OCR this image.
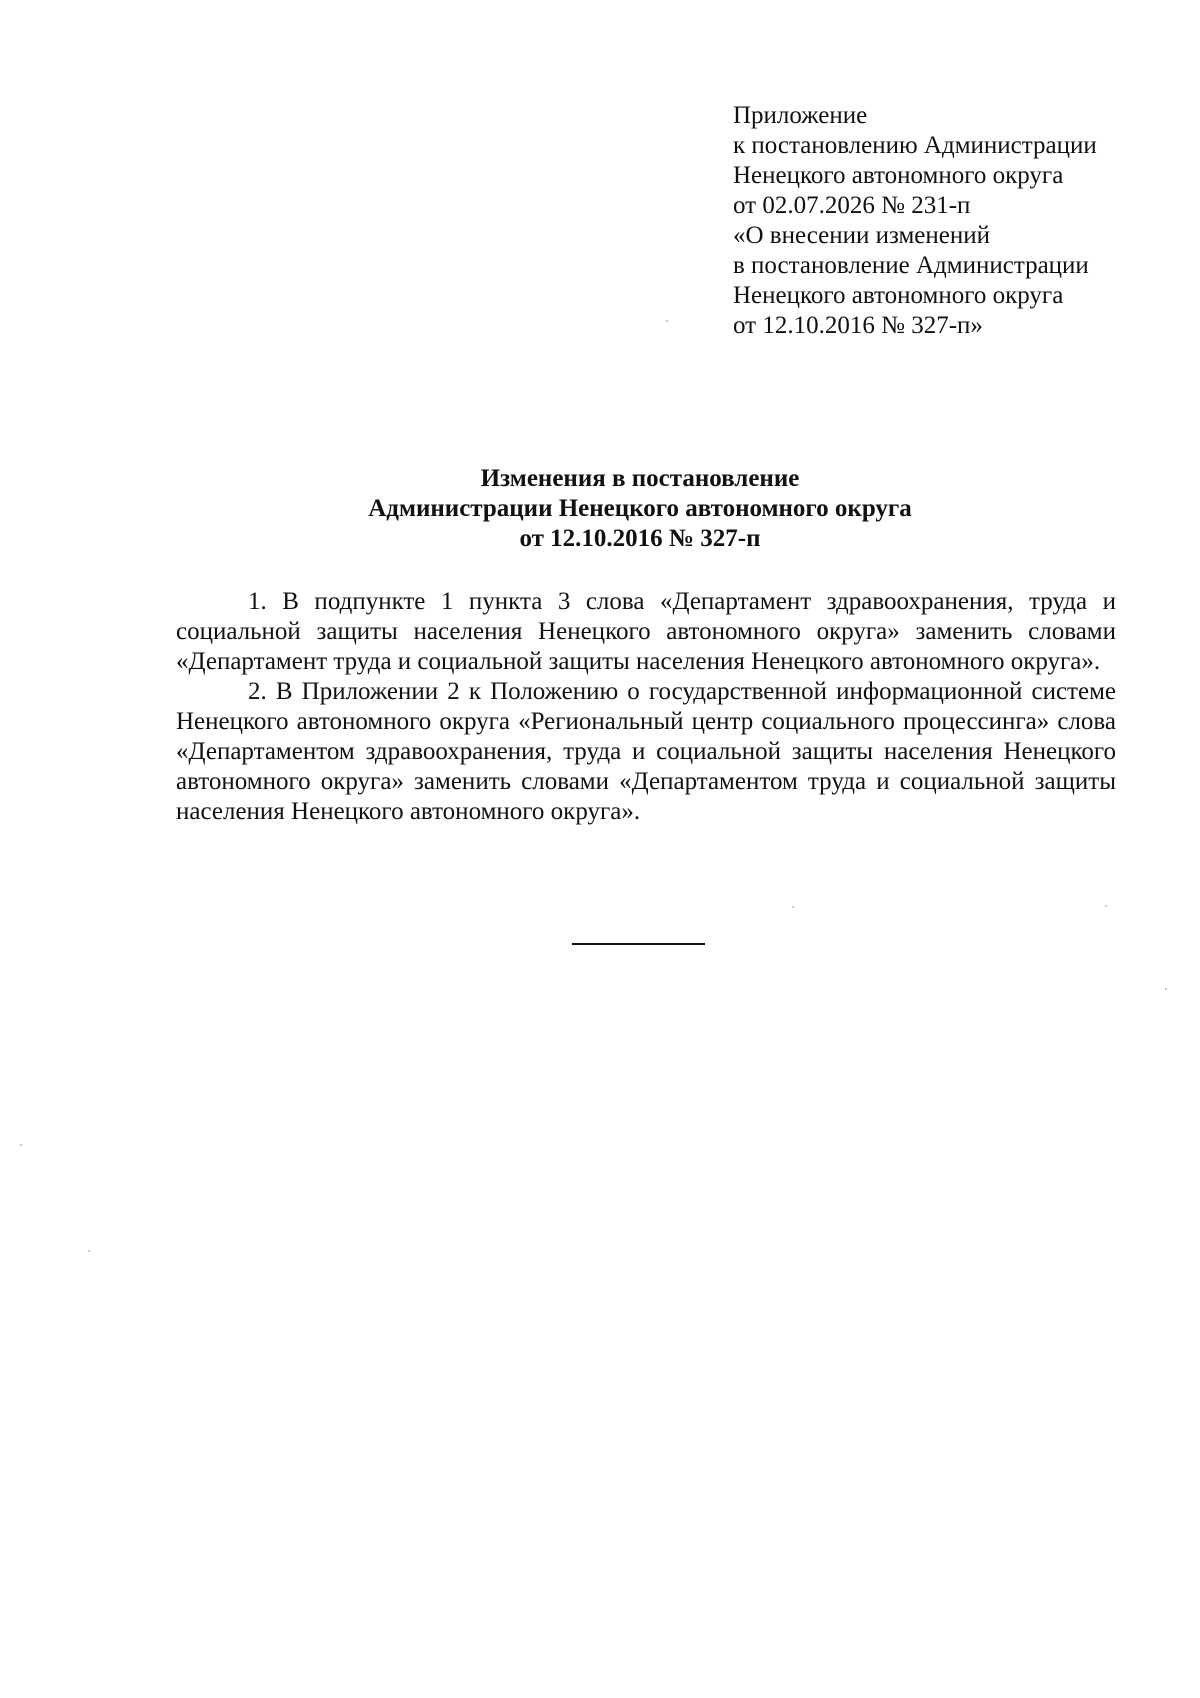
Приложение
к постановлению Администрации
Ненецкого автономного округа
от 02.07.2026 № 231-п
«О внесении изменений
в постановление Администрации
Ненецкого автономного округа
от 12.10.2016 № 327-п»
Изменения в постановление
Администрации Ненецкого автономного округа
от 12.10.2016 № 327-п

1. В подпункте 1 пункта 3 слова «Департамент здравоохранения, труда и социальной защиты населения Ненецкого автономного округа» заменить словами «Департамент труда и социальной защиты населения Ненецкого автономного округа».

2. В Приложении 2 к Положению о государственной информационной системе Ненецкого автономного округа «Региональный центр социального процессинга» слова «Департаментом здравоохранения, труда и социальной защиты населения Ненецкого автономного округа» заменить словами «Департаментом труда и социальной защиты населения Ненецкого автономного округа».
